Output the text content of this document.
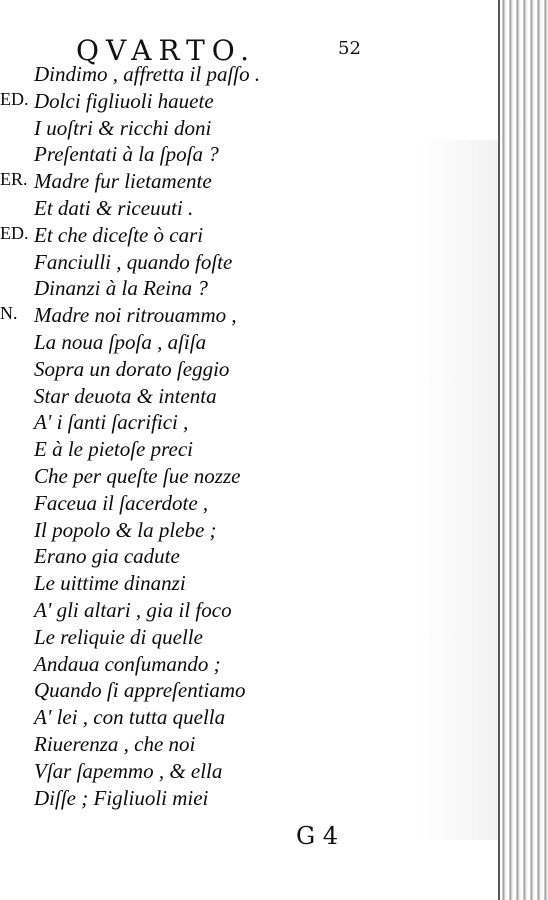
QVARTO.	52
Dindimo , affretta il paſſo .
ED. Dolci figliuoli hauete
I uoſtri & ricchi doni
Preſentati à la ſpoſa ?
ER. Madre fur lietamente
Et dati & riceuuti .
ED. Et che diceſte ò cari
Fanciulli , quando foſte
Dinanzi à la Reina ?
N. Madre noi ritrouammo ,
La noua ſpoſa , aſiſa
Sopra un dorato ſeggio
Star deuota & intenta
A' i ſanti ſacrifici ,
E à le pietoſe preci
Che per queſte ſue nozze
Faceua il ſacerdote ,
Il popolo & la plebe ;
Erano gia cadute
Le uittime dinanzi
A' gli altari , gia il foco
Le reliquie di quelle
Andaua conſumando ;
Quando ſi appreſentiamo
A' lei , con tutta quella
Riuerenza , che noi
Vſar ſapemmo , & ella
Diſſe ; Figliuoli miei
G 4
